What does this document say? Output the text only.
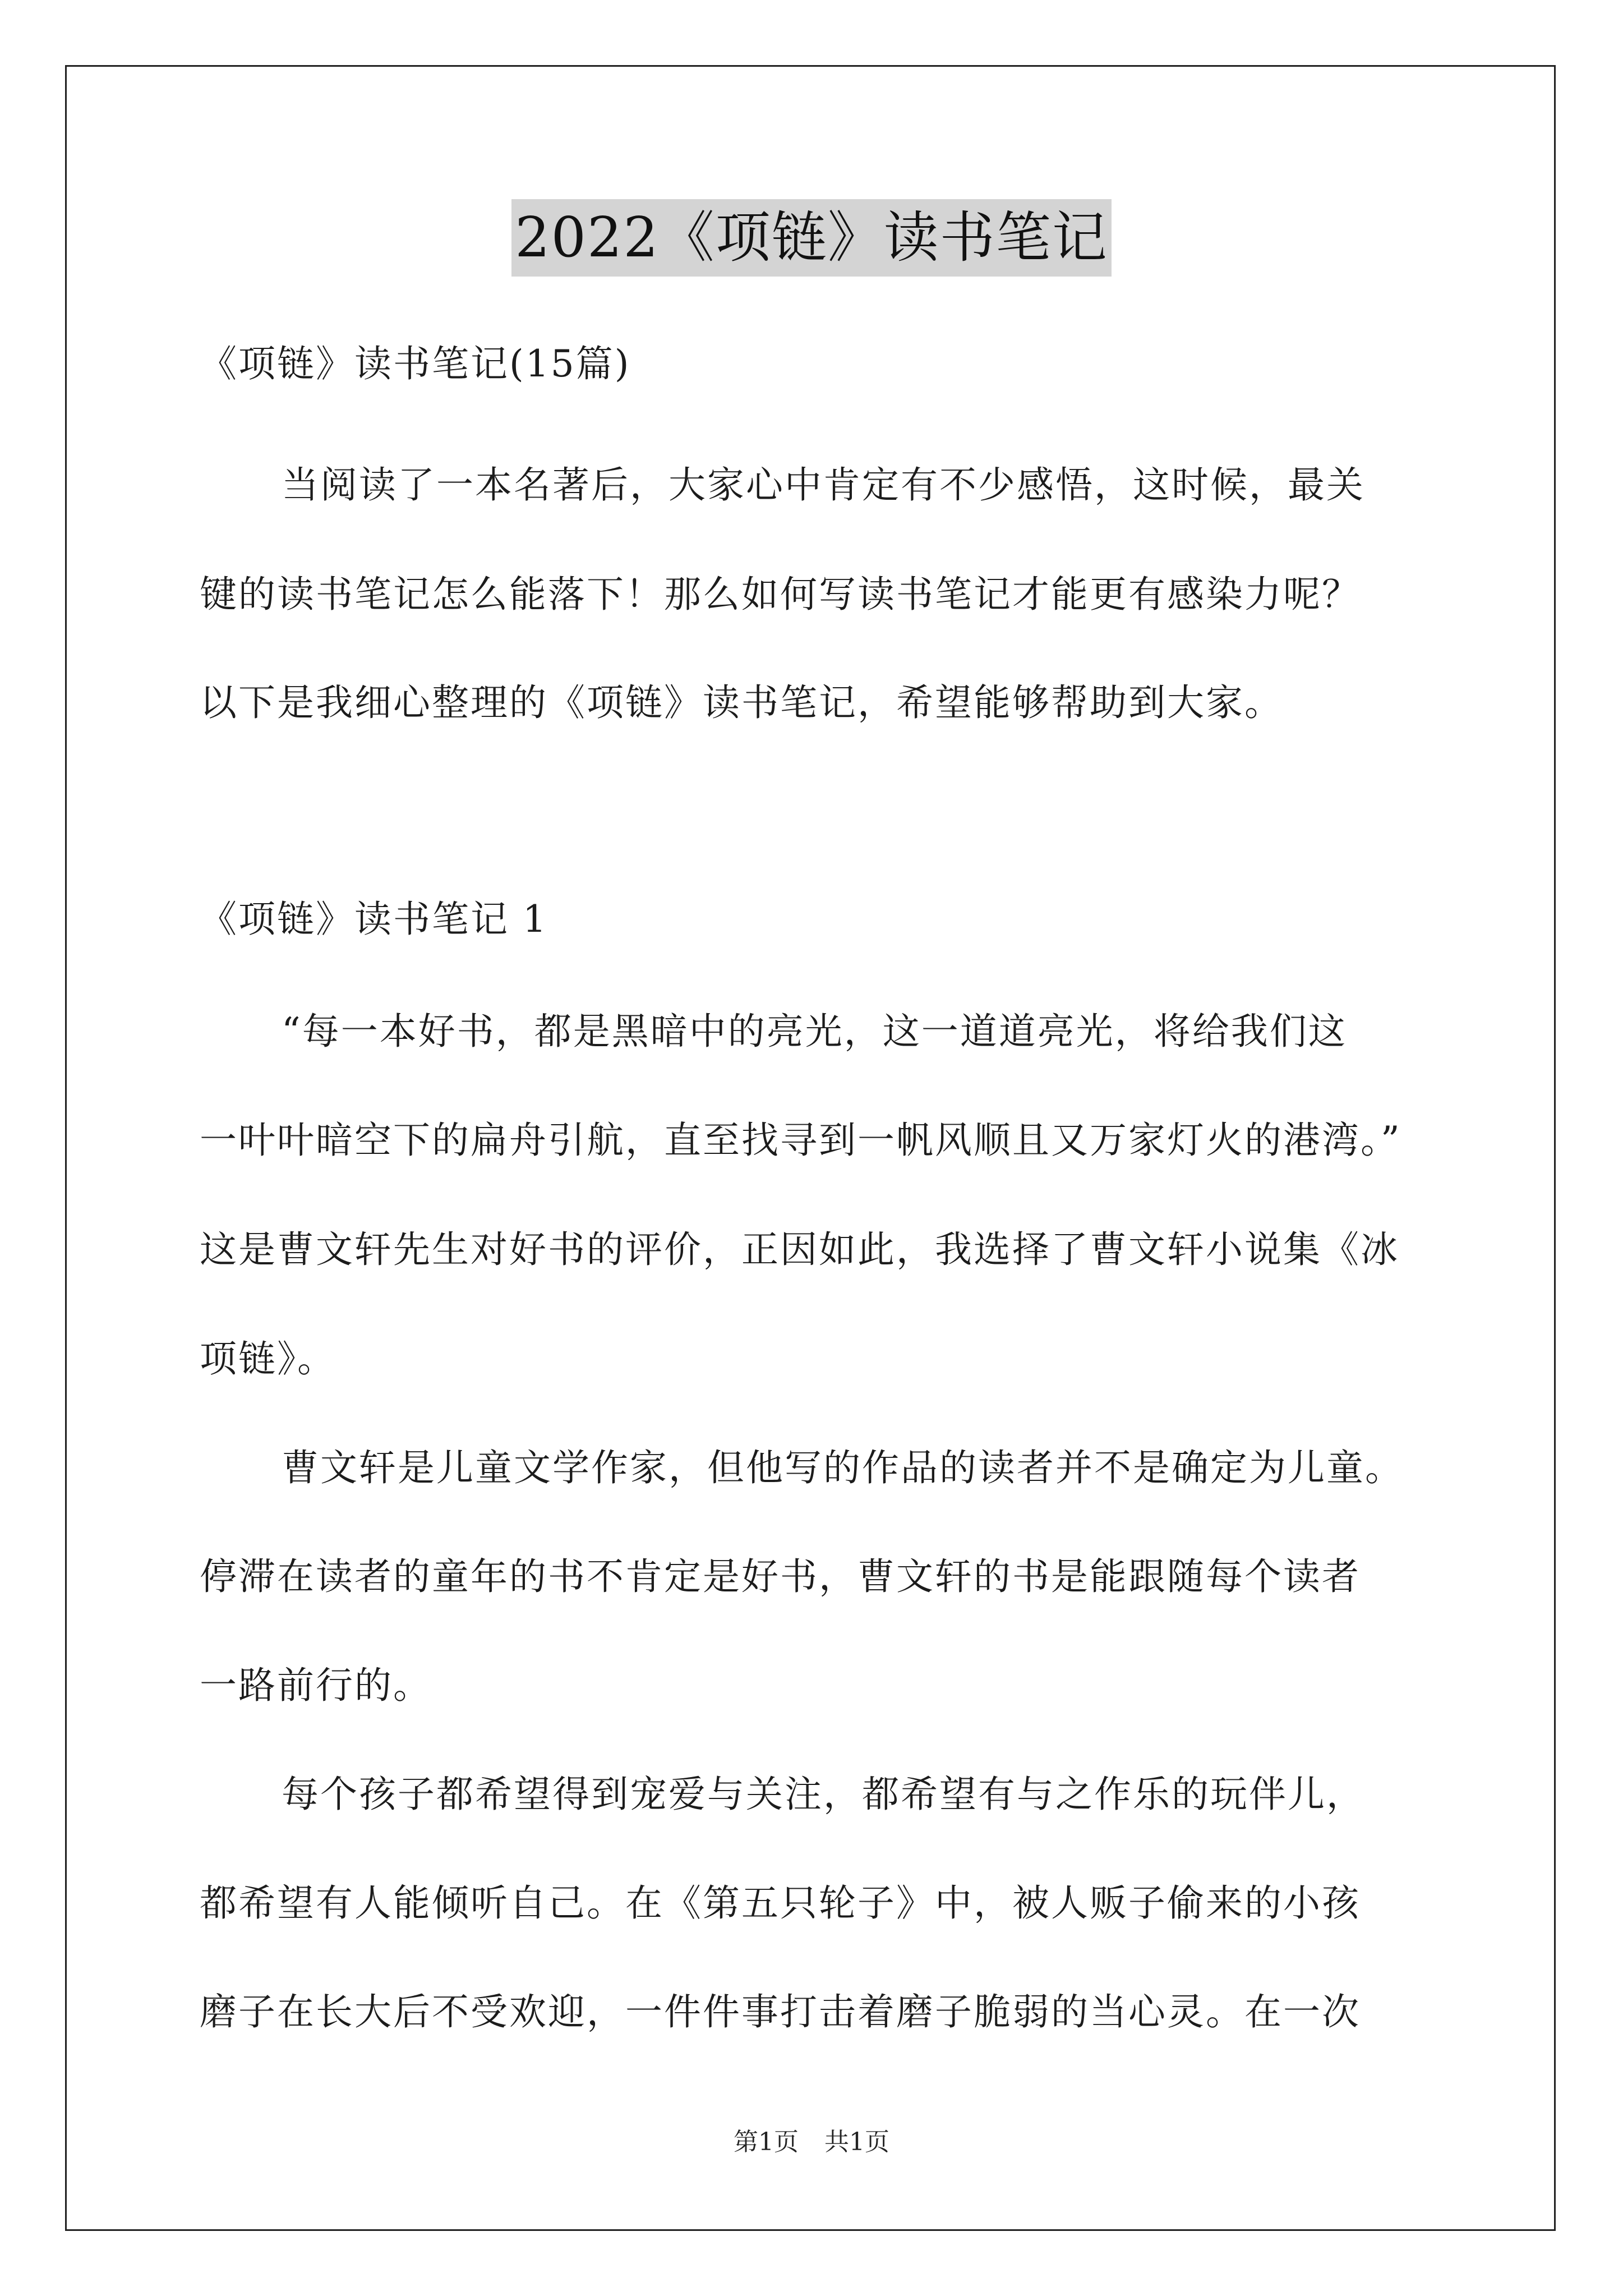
2022《项链》读书笔记
《项链》读书笔记(15篇)
当阅读了一本名著后，大家心中肯定有不少感悟，这时候，最关
键的读书笔记怎么能落下！那么如何写读书笔记才能更有感染力呢？
以下是我细心整理的《项链》读书笔记，希望能够帮助到大家。
《项链》读书笔记 1
“每一本好书，都是黑暗中的亮光，这一道道亮光，将给我们这
一叶叶暗空下的扁舟引航，直至找寻到一帆风顺且又万家灯火的港湾。”
这是曹文轩先生对好书的评价，正因如此，我选择了曹文轩小说集《冰
项链》。
曹文轩是儿童文学作家，但他写的作品的读者并不是确定为儿童。
停滞在读者的童年的书不肯定是好书，曹文轩的书是能跟随每个读者
一路前行的。
每个孩子都希望得到宠爱与关注，都希望有与之作乐的玩伴儿，
都希望有人能倾听自己。在《第五只轮子》中，被人贩子偷来的小孩
磨子在长大后不受欢迎，一件件事打击着磨子脆弱的当心灵。在一次
第1页 共1页
